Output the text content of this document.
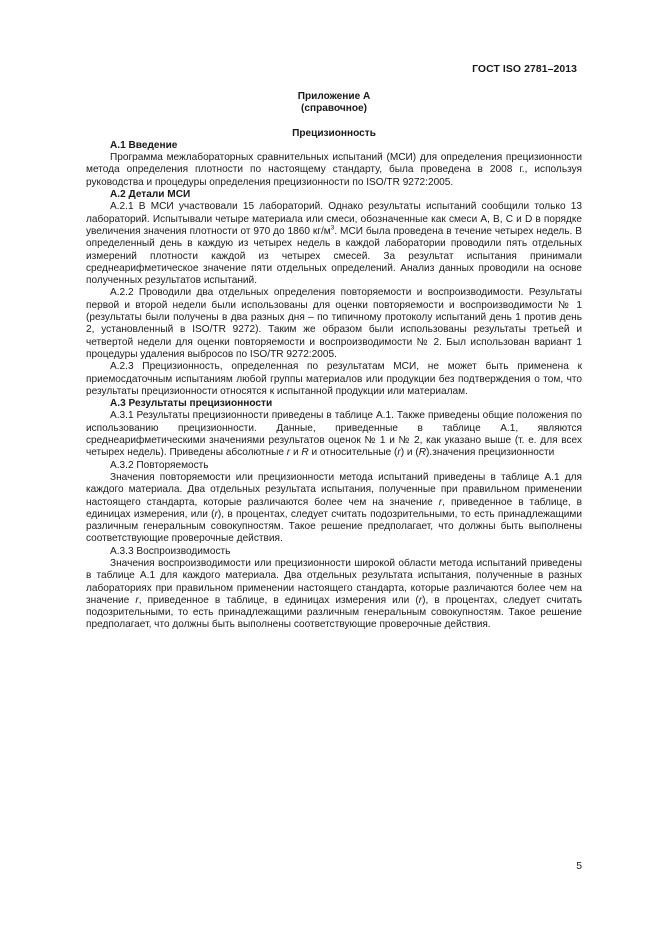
ГОСТ ISO 2781–2013
Приложение А
(справочное)
Прецизионность
А.1 Введение

Программа межлабораторных сравнительных испытаний (МСИ) для определения прецизионности метода определения плотности по настоящему стандарту, была проведена в 2008 г., используя руководства и процедуры определения прецизионности по ISO/TR 9272:2005.

А.2 Детали МСИ

А.2.1 В МСИ участвовали 15 лабораторий. Однако результаты испытаний сообщили только 13 лабораторий. Испытывали четыре материала или смеси, обозначенные как смеси А, В, С и D в порядке увеличения значения плотности от 970 до 1860 $кг/м^3$. МСИ была проведена в течение четырех недель. В определенный день в каждую из четырех недель в каждой лаборатории проводили пять отдельных измерений плотности каждой из четырех смесей. За результат испытания принимали среднеарифметическое значение пяти отдельных определений. Анализ данных проводили на основе полученных результатов испытаний.

А.2.2 Проводили два отдельных определения повторяемости и воспроизводимости. Результаты первой и второй недели были использованы для оценки повторяемости и воспроизводимости № 1 (результаты были получены в два разных дня – по типичному протоколу испытаний день 1 против день 2, установленный в ISO/TR 9272). Таким же образом были использованы результаты третьей и четвертой недели для оценки повторяемости и воспроизводимости № 2. Был использован вариант 1 процедуры удаления выбросов по ISO/TR 9272:2005.

А.2.3 Прецизионность, определенная по результатам МСИ, не может быть применена к приемосдаточным испытаниям любой группы материалов или продукции без подтверждения о том, что результаты прецизионности относятся к испытанной продукции или материалам.

А.3 Результаты прецизионности

А.3.1 Результаты прецизионности приведены в таблице А.1. Также приведены общие положения по использованию прецизионности. Данные, приведенные в таблице А.1, являются среднеарифметическими значениями результатов оценок № 1 и № 2, как указано выше (т. е. для всех четырех недель). Приведены абсолютные r и R и относительные (r) и (R).значения прецизионности

А.3.2 Повторяемость

Значения повторяемости или прецизионности метода испытаний приведены в таблице А.1 для каждого материала. Два отдельных результата испытания, полученные при правильном применении настоящего стандарта, которые различаются более чем на значение r, приведенное в таблице, в единицах измерения, или (r), в процентах, следует считать подозрительными, то есть принадлежащими различным генеральным совокупностям. Такое решение предполагает, что должны быть выполнены соответствующие проверочные действия.

А.3.3 Воспроизводимость

Значения воспроизводимости или прецизионности широкой области метода испытаний приведены в таблице А.1 для каждого материала. Два отдельных результата испытания, полученные в разных лабораториях при правильном применении настоящего стандарта, которые различаются более чем на значение r, приведенное в таблице, в единицах измерения или (r), в процентах, следует считать подозрительными, то есть принадлежащими различным генеральным совокупностям. Такое решение предполагает, что должны быть выполнены соответствующие проверочные действия.

5
